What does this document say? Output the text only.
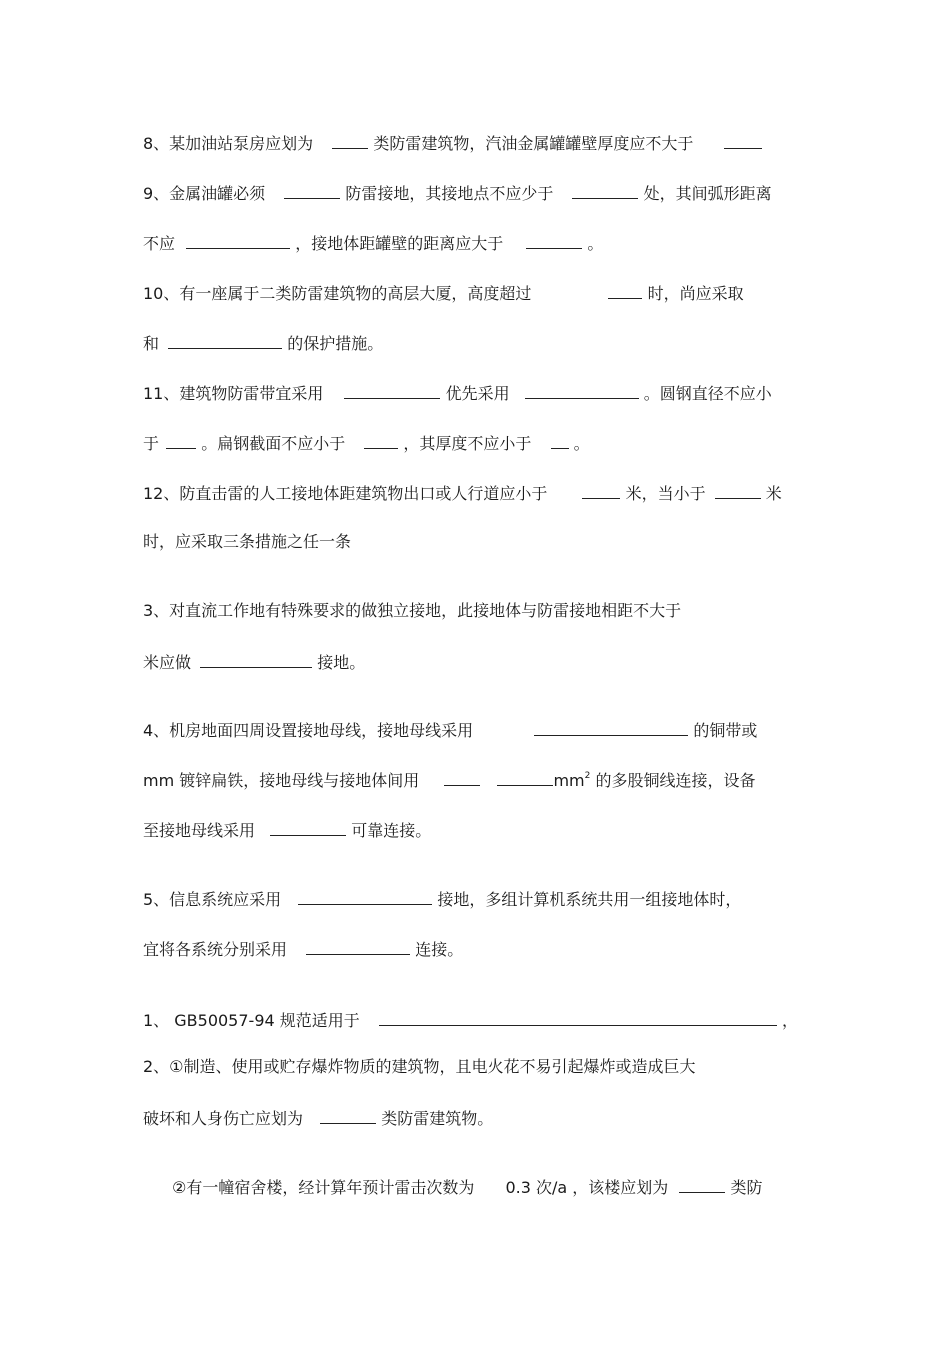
8、某加油站泵房应划为	类防雷建筑物，汽油金属罐罐壁厚度应不大于
9、金属油罐必须	防雷接地，其接地点不应少于	处，其间弧形距离
不应	，接地体距罐壁的距离应大于	。
10、有一座属于二类防雷建筑物的高层大厦，高度超过	时，尚应采取
和	的保护措施。
11、建筑物防雷带宜采用	优先采用	。圆钢直径不应小
于	。扁钢截面不应小于	，其厚度不应小于	。
12、防直击雷的人工接地体距建筑物出口或人行道应小于	米，当小于	米
时，应采取三条措施之任一条
3、对直流工作地有特殊要求的做独立接地，此接地体与防雷接地相距不大于
米应做	接地。
4、机房地面四周设置接地母线，接地母线采用	的铜带或
mm 镀锌扁铁，接地母线与接地体间用	$mm^2$ 的多股铜线连接，设备
至接地母线采用	可靠连接。
5、信息系统应采用	接地，多组计算机系统共用一组接地体时，
宜将各系统分别采用	连接。
1、 GB50057-94 规范适用于	，
2、①制造、使用或贮存爆炸物质的建筑物，且电火花不易引起爆炸或造成巨大
破坏和人身伤亡应划为	类防雷建筑物。
②有一幢宿舍楼，经计算年预计雷击次数为 0.3 次/a ，该楼应划为	类防
